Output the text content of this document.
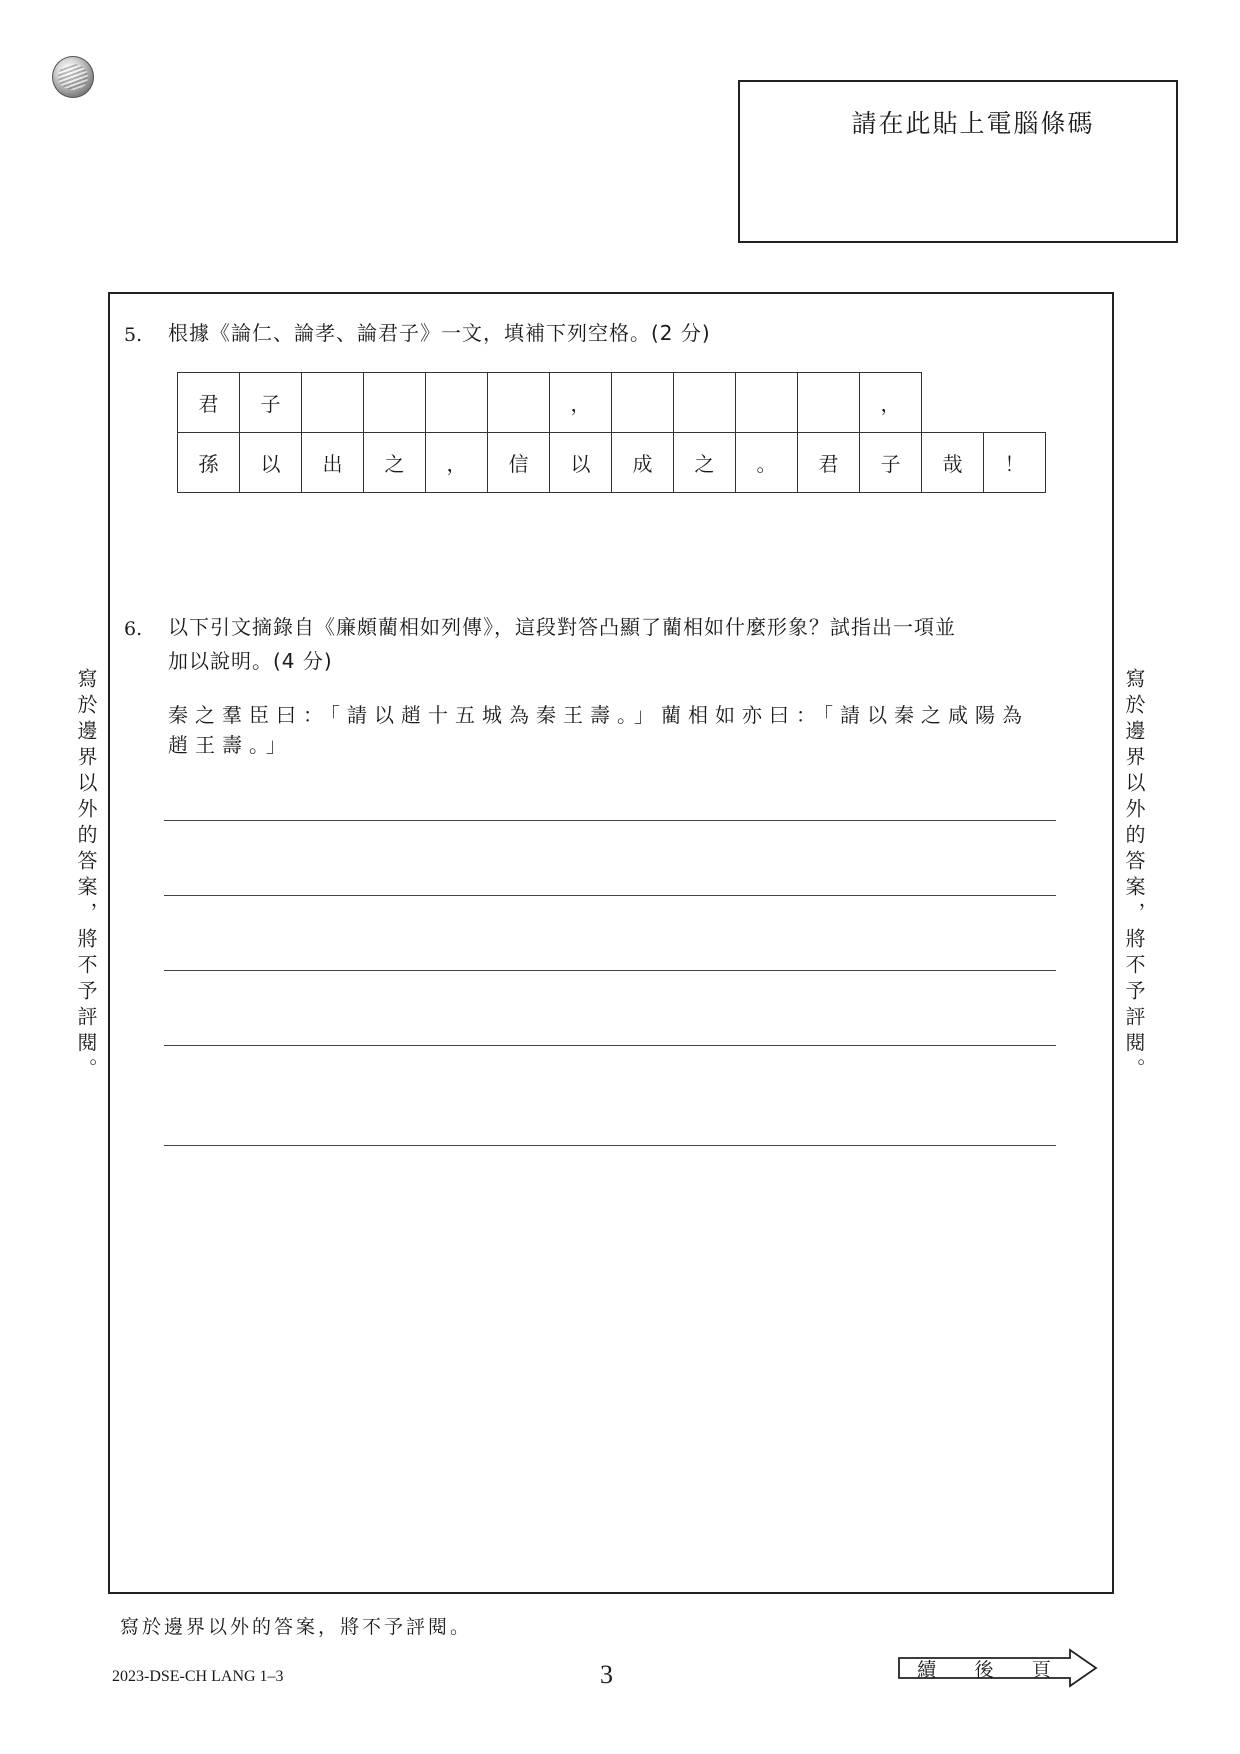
請在此貼上電腦條碼
寫於邊界以外的答案，將不予評閱。	寫於邊界以外的答案，將不予評閱。
5. 根據《論仁、論孝、論君子》一文，填補下列空格。(2 分)
君	子					，					，		
孫	以	出	之	，	信	以	成	之	。	君	子	哉	！
6. 以下引文摘錄自《廉頗藺相如列傳》，這段對答凸顯了藺相如什麼形象？試指出一項並
加以說明。(4 分)
秦之羣臣曰：「請以趙十五城為秦王壽。」藺相如亦曰：「請以秦之咸陽為
趙王壽。」
寫於邊界以外的答案，將不予評閱。
2023-DSE-CH LANG 1–3	3	續 後 頁
